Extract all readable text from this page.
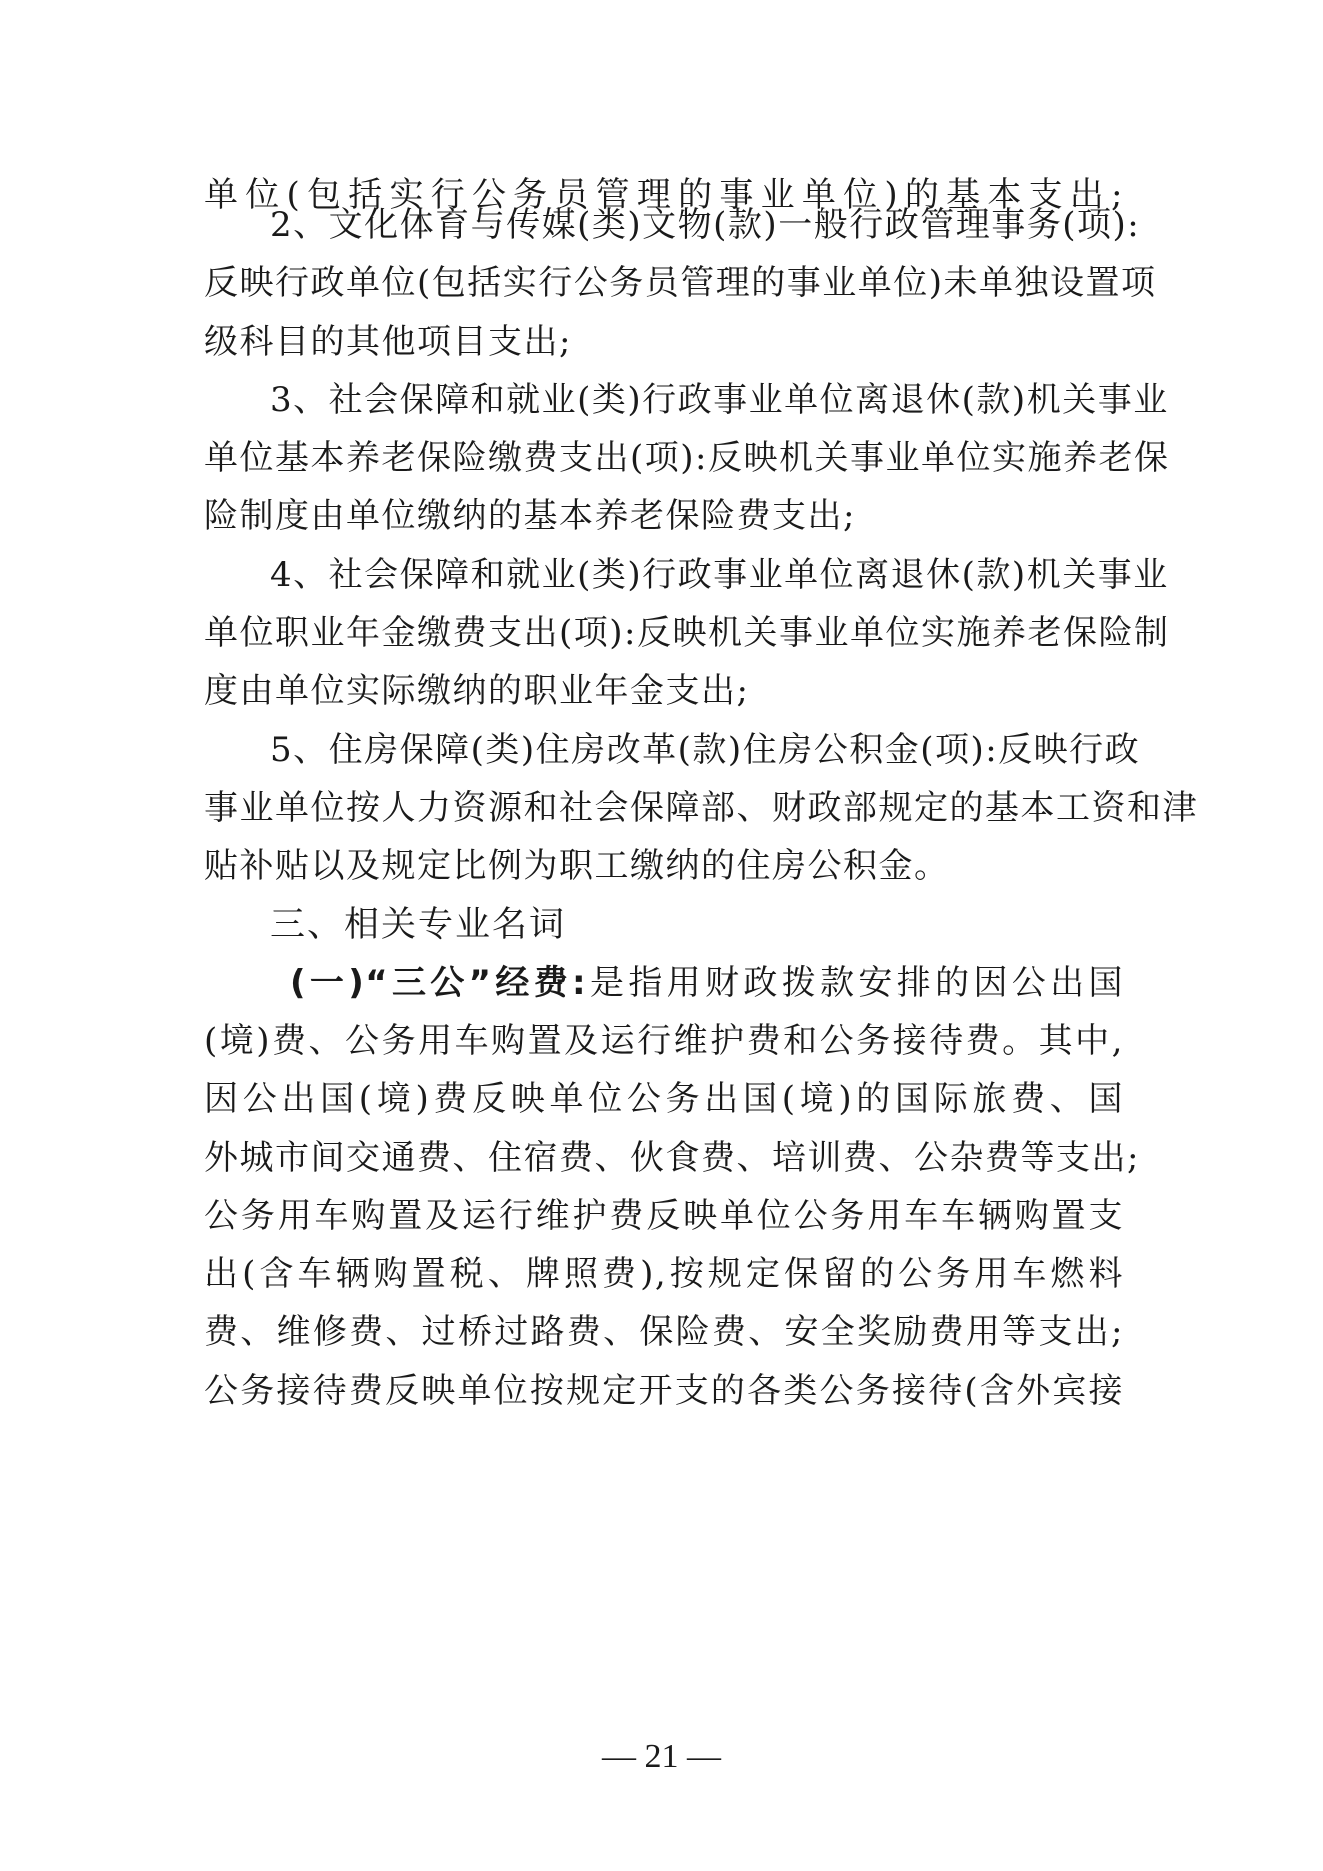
单位(包括实行公务员管理的事业单位)的基本支出;
2、文化体育与传媒(类)文物(款)一般行政管理事务(项):
反映行政单位(包括实行公务员管理的事业单位)未单独设置项
级科目的其他项目支出;
3、社会保障和就业(类)行政事业单位离退休(款)机关事业
单位基本养老保险缴费支出(项):反映机关事业单位实施养老保
险制度由单位缴纳的基本养老保险费支出;
4、社会保障和就业(类)行政事业单位离退休(款)机关事业
单位职业年金缴费支出(项):反映机关事业单位实施养老保险制
度由单位实际缴纳的职业年金支出;
5、住房保障(类)住房改革(款)住房公积金(项):反映行政
事业单位按人力资源和社会保障部、财政部规定的基本工资和津
贴补贴以及规定比例为职工缴纳的住房公积金。
三、相关专业名词
(一)“三公”经费:是指用财政拨款安排的因公出国
(境)费、公务用车购置及运行维护费和公务接待费。其中,
因公出国(境)费反映单位公务出国(境)的国际旅费、国
外城市间交通费、住宿费、伙食费、培训费、公杂费等支出;
公务用车购置及运行维护费反映单位公务用车车辆购置支
出(含车辆购置税、牌照费),按规定保留的公务用车燃料
费、维修费、过桥过路费、保险费、安全奖励费用等支出;
公务接待费反映单位按规定开支的各类公务接待(含外宾接
— 21 —
